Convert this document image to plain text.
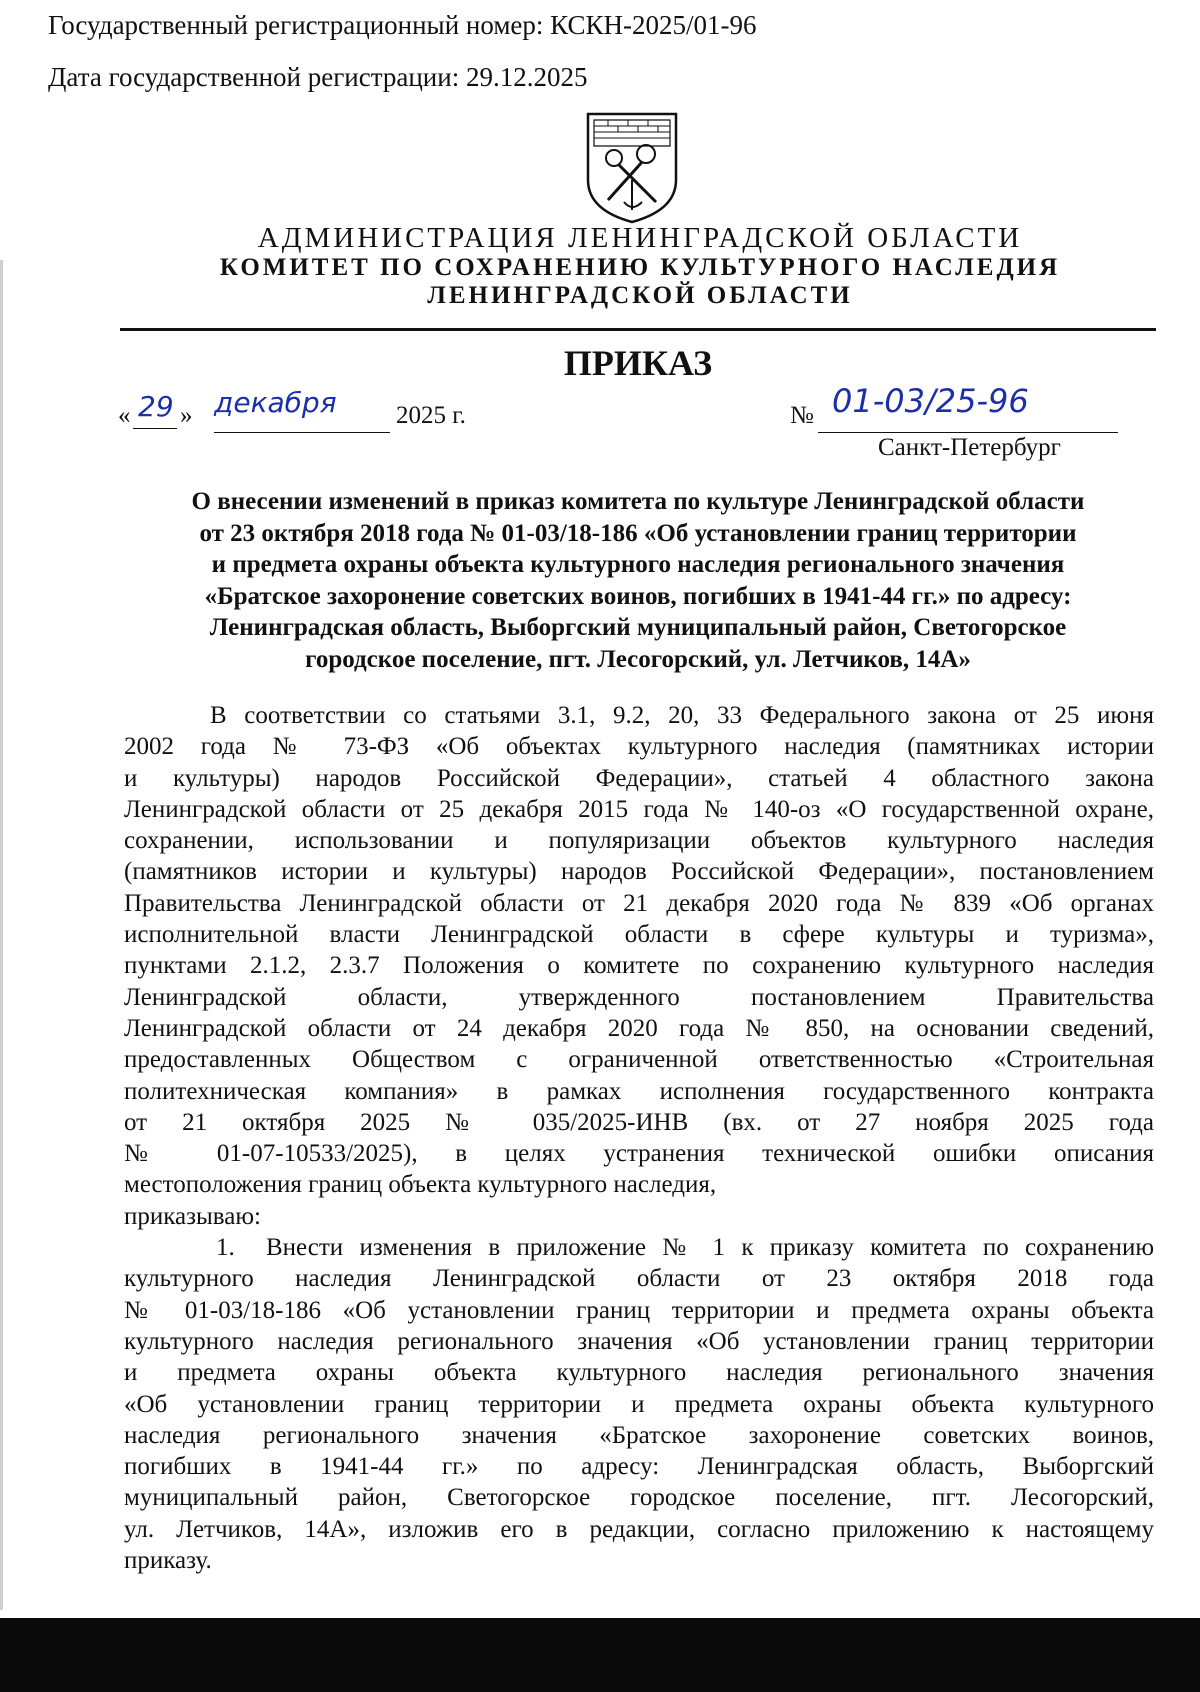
Государственный регистрационный номер: КСКН-2025/01-96
Дата государственной регистрации: 29.12.2025
АДМИНИСТРАЦИЯ ЛЕНИНГРАДСКОЙ ОБЛАСТИ
КОМИТЕТ ПО СОХРАНЕНИЮ КУЛЬТУРНОГО НАСЛЕДИЯ
ЛЕНИНГРАДСКОЙ ОБЛАСТИ
ПРИКАЗ
« 29 » декабря 2025 г.	№ 01-03/25-96
Санкт-Петербург
О внесении изменений в приказ комитета по культуре Ленинградской области
от 23 октября 2018 года № 01-03/18-186 «Об установлении границ территории
и предмета охраны объекта культурного наследия регионального значения
«Братское захоронение советских воинов, погибших в 1941-44 гг.» по адресу:
Ленинградская область, Выборгский муниципальный район, Светогорское
городское поселение, пгт. Лесогорский, ул. Летчиков, 14А»
В соответствии со статьями 3.1, 9.2, 20, 33 Федерального закона от 25 июня
2002 года № 73-ФЗ «Об объектах культурного наследия (памятниках истории
и культуры) народов Российской Федерации», статьей 4 областного закона
Ленинградской области от 25 декабря 2015 года № 140-оз «О государственной охране,
сохранении, использовании и популяризации объектов культурного наследия
(памятников истории и культуры) народов Российской Федерации», постановлением
Правительства Ленинградской области от 21 декабря 2020 года № 839 «Об органах
исполнительной власти Ленинградской области в сфере культуры и туризма»,
пунктами 2.1.2, 2.3.7 Положения о комитете по сохранению культурного наследия
Ленинградской области, утвержденного постановлением Правительства
Ленинградской области от 24 декабря 2020 года № 850, на основании сведений,
предоставленных Обществом с ограниченной ответственностью «Строительная
политехническая компания» в рамках исполнения государственного контракта
от 21 октября 2025 № 035/2025-ИНВ (вх. от 27 ноября 2025 года
№ 01-07-10533/2025), в целях устранения технической ошибки описания
местоположения границ объекта культурного наследия,
приказываю:
1.	Внести изменения в приложение № 1 к приказу комитета по сохранению
культурного наследия Ленинградской области от 23 октября 2018 года
№ 01-03/18-186 «Об установлении границ территории и предмета охраны объекта
культурного наследия регионального значения «Об установлении границ территории
и предмета охраны объекта культурного наследия регионального значения
«Об установлении границ территории и предмета охраны объекта культурного
наследия регионального значения «Братское захоронение советских воинов,
погибших в 1941-44 гг.» по адресу: Ленинградская область, Выборгский
муниципальный район, Светогорское городское поселение, пгт. Лесогорский,
ул. Летчиков, 14А», изложив его в редакции, согласно приложению к настоящему
приказу.
